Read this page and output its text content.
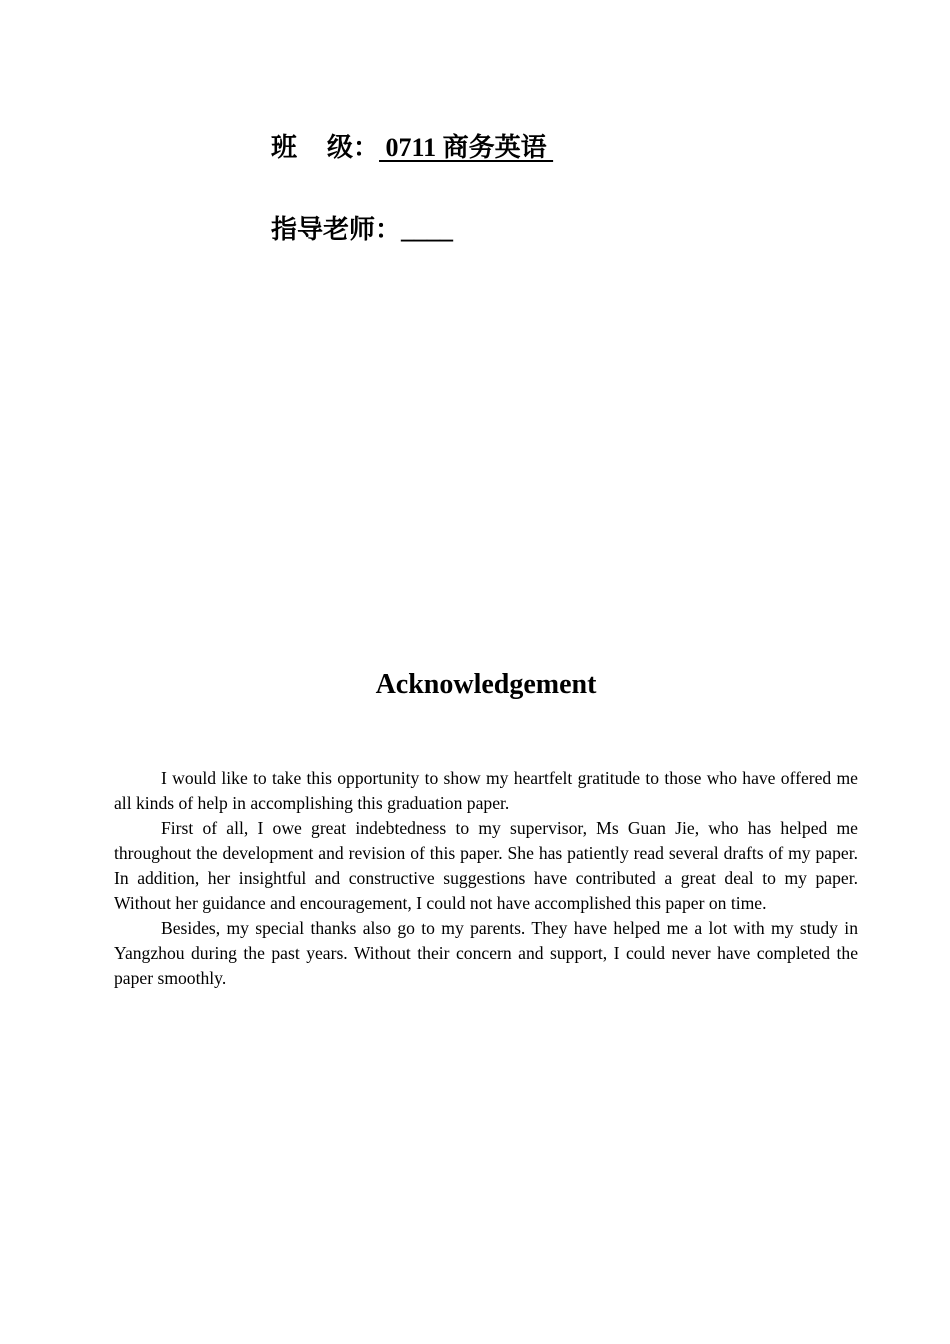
班 级： 0711 商务英语
指导老师：____
Acknowledgement

I would like to take this opportunity to show my heartfelt gratitude to those who have offered me all kinds of help in accomplishing this graduation paper.

First of all, I owe great indebtedness to my supervisor, Ms Guan Jie, who has helped me throughout the development and revision of this paper. She has patiently read several drafts of my paper. In addition, her insightful and constructive suggestions have contributed a great deal to my paper. Without her guidance and encouragement, I could not have accomplished this paper on time.

Besides, my special thanks also go to my parents. They have helped me a lot with my study in Yangzhou during the past years. Without their concern and support, I could never have completed the paper smoothly.
